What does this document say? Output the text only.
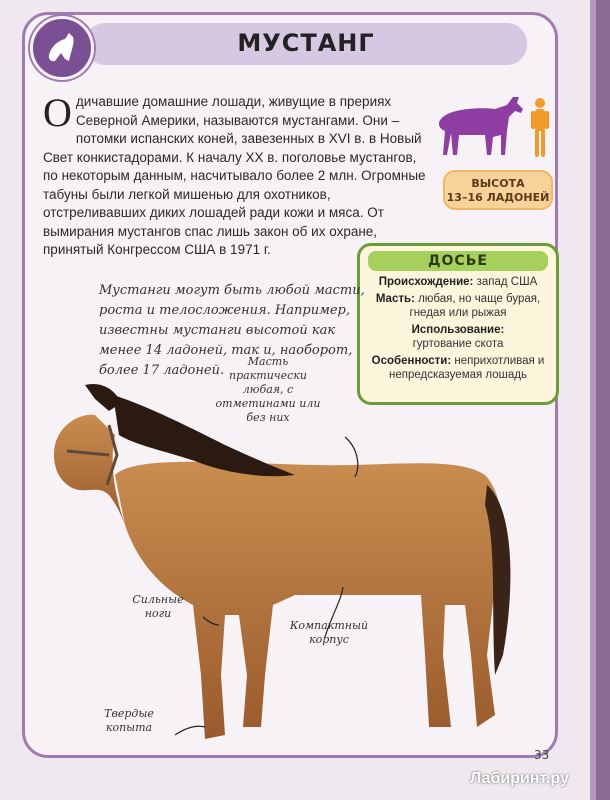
МУСТАНГ
Одичавшие домашние лошади, живущие в прериях Северной Америки, называются мустангами. Они – потомки испанских коней, завезенных в XVI в. в Новый Свет конкистадорами. К началу XX в. поголовье мустангов, по некоторым данным, насчитывало более 2 млн. Огромные табуны были легкой мишенью для охотников, отстреливавших диких лошадей ради кожи и мяса. От вымирания мустангов спас лишь закон об их охране, принятый Конгрессом США в 1971 г.
ВЫСОТА
13–16 ЛАДОНЕЙ
ДОСЬЕ
Происхождение: запад США
Масть: любая, но чаще бурая, гнедая или рыжая
Использование:
гуртование скота
Особенности: неприхотливая и непредсказуемая лошадь
Мустанги могут быть любой масти, роста и телосложения. Например, известны мустанги высотой как менее 14 ладоней, так и, наоборот, более 17 ладоней.
Масть практически любая, с отметинами или без них
Сильные ноги
Компактный корпус
Твердые копыта
33
Лабиринт.ру
